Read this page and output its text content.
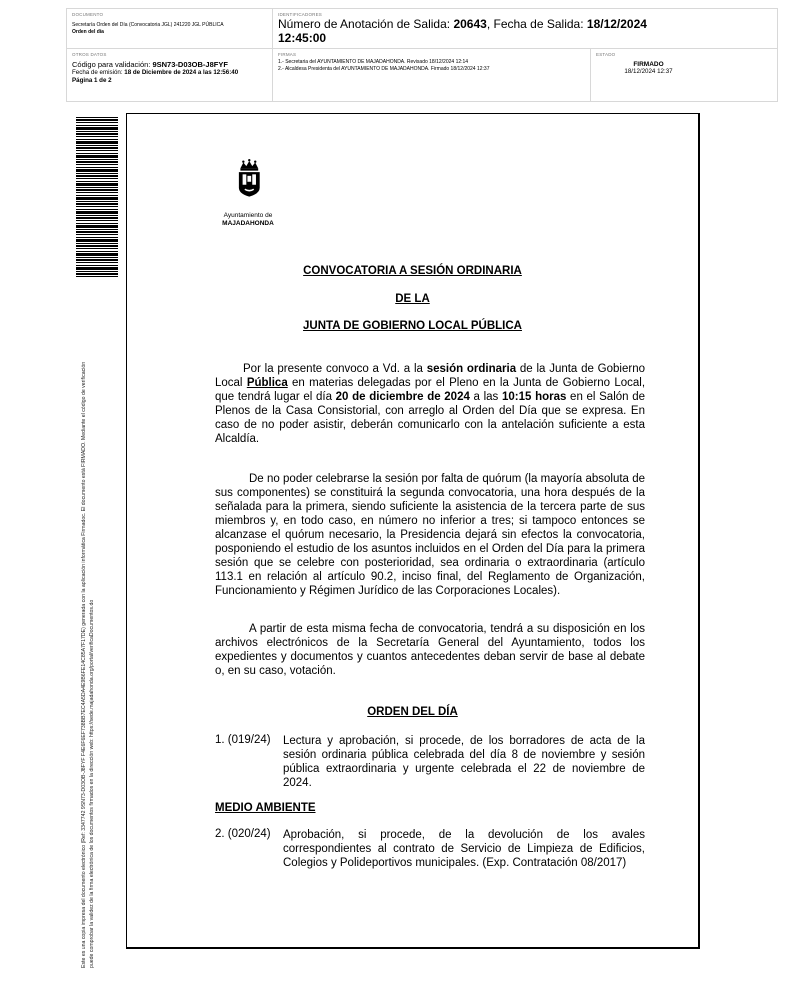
DOCUMENTO
Secretaría Orden del Día (Convocatoria JGL) 241220 JGL PÚBLICA
Orden del día
IDENTIFICADORES
Número de Anotación de Salida: 20643, Fecha de Salida: 18/12/2024
12:45:00
OTROS DATOS
Código para validación: 9SN73-D03OB-J8FYF
Fecha de emisión: 18 de Diciembre de 2024 a las 12:56:40
Página 1 de 2
FIRMAS
1.- Secretaria del AYUNTAMIENTO DE MAJADAHONDA. Revisado 18/12/2024 12:14
2.- Alcaldesa Presidenta del AYUNTAMIENTO DE MAJADAHONDA. Firmado 18/12/2024 12:37
ESTADO
FIRMADO
18/12/2024 12:37
Este es una copia impresa del documento electrónico (Ref: 3347742 9SN73-D03OB-J8FYF F4E6F6EF738BB7EC4A5DA4E9B6FE14C85A7F17DE) generada con la aplicación informática Firmadoc. El documento está FIRMADO. Mediante el código de verificación puede comprobar la validez de la firma electrónica de los documentos firmados en la dirección web: https://sede.majadahonda.org/portal/verificaDocumentos.do
Ayuntamiento de
MAJADAHONDA
CONVOCATORIA A SESIÓN ORDINARIA
DE LA
JUNTA DE GOBIERNO LOCAL PÚBLICA
Por la presente convoco a Vd. a la sesión ordinaria de la Junta de Gobierno Local Pública en materias delegadas por el Pleno en la Junta de Gobierno Local, que tendrá lugar el día 20 de diciembre de 2024 a las 10:15 horas en el Salón de Plenos de la Casa Consistorial, con arreglo al Orden del Día que se expresa. En caso de no poder asistir, deberán comunicarlo con la antelación suficiente a esta Alcaldía.
De no poder celebrarse la sesión por falta de quórum (la mayoría absoluta de sus componentes) se constituirá la segunda convocatoria, una hora después de la señalada para la primera, siendo suficiente la asistencia de la tercera parte de sus miembros y, en todo caso, en número no inferior a tres; si tampoco entonces se alcanzase el quórum necesario, la Presidencia dejará sin efectos la convocatoria, posponiendo el estudio de los asuntos incluidos en el Orden del Día para la primera sesión que se celebre con posterioridad, sea ordinaria o extraordinaria (artículo 113.1 en relación al artículo 90.2, inciso final, del Reglamento de Organización, Funcionamiento y Régimen Jurídico de las Corporaciones Locales).
A partir de esta misma fecha de convocatoria, tendrá a su disposición en los archivos electrónicos de la Secretaría General del Ayuntamiento, todos los expedientes y documentos y cuantos antecedentes deban servir de base al debate o, en su caso, votación.
ORDEN DEL DÍA
1. (019/24) Lectura y aprobación, si procede, de los borradores de acta de la sesión ordinaria pública celebrada del día 8 de noviembre y sesión pública extraordinaria y urgente celebrada el 22 de noviembre de 2024.
MEDIO AMBIENTE
2. (020/24) Aprobación, si procede, de la devolución de los avales correspondientes al contrato de Servicio de Limpieza de Edificios, Colegios y Polideportivos municipales. (Exp. Contratación 08/2017)
